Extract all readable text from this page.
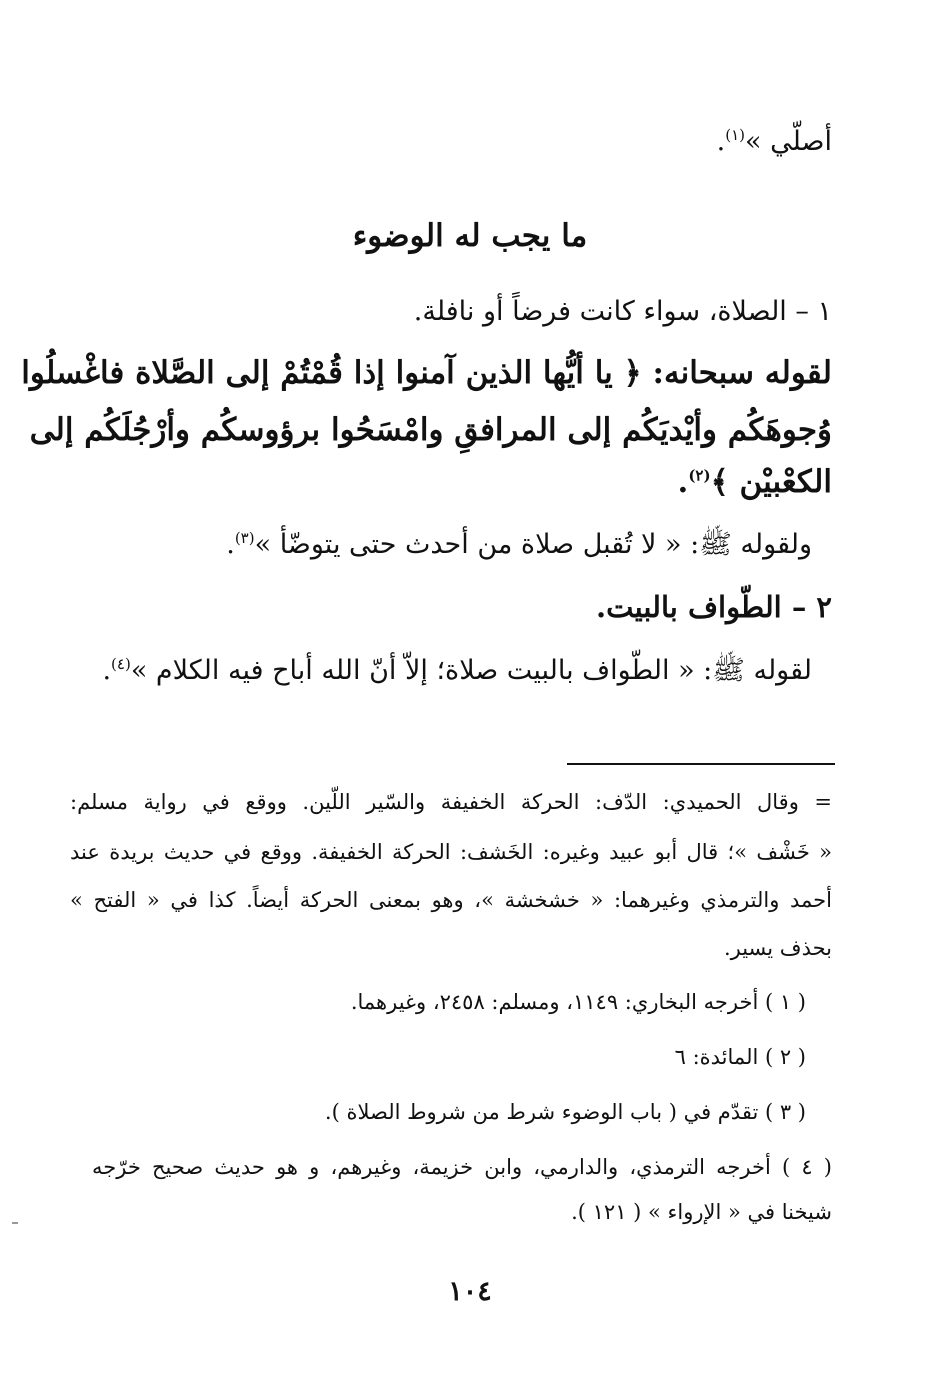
أصلّي »$^{(١)}$.
ما يجب له الوضوء
١ – الصلاة، سواء كانت فرضاً أو نافلة.
لقوله سبحانه: ﴿ يا أيُّها الذين آمنوا إذا قُمْتُمْ إلى الصَّلاة فاغْسلُوا
وُجوهَكُم وأيْديَكُم إلى المرافقِ وامْسَحُوا برؤوسكُم وأرْجُلَكُم إلى
الكعْبيْن ﴾$^{(٢)}$.
ولقوله ﷺ: « لا تُقبل صلاة من أحدث حتى يتوضّأ »$^{(٣)}$.
٢ – الطّواف بالبيت.
لقوله ﷺ: « الطّواف بالبيت صلاة؛ إلاّ أنّ الله أباح فيه الكلام »$^{(٤)}$.
= وقال الحميدي: الدّف: الحركة الخفيفة والسّير اللّين. ووقع في رواية مسلم:
« خَشْف »؛ قال أبو عبيد وغيره: الخَشف: الحركة الخفيفة. ووقع في حديث بريدة عند
أحمد والترمذي وغيرهما: « خشخشة »، وهو بمعنى الحركة أيضاً. كذا في « الفتح »
بحذف يسير.
( ١ ) أخرجه البخاري: ١١٤٩، ومسلم: ٢٤٥٨، وغيرهما.
( ٢ ) المائدة: ٦
( ٣ ) تقدّم في ( باب الوضوء شرط من شروط الصلاة ).
( ٤ ) أخرجه الترمذي، والدارمي، وابن خزيمة، وغيرهم، و هو حديث صحيح خرّجه
شيخنا في « الإرواء » ( ١٢١ ).
١٠٤
